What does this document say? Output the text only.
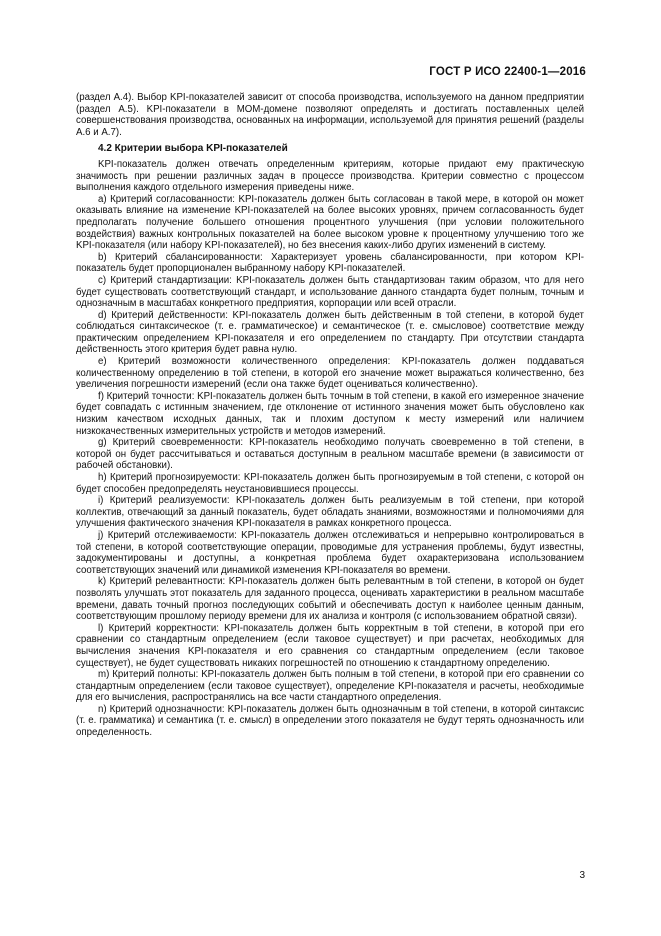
ГОСТ Р ИСО 22400-1—2016

(раздел А.4). Выбор KPI-показателей зависит от способа производства, используемого на данном предприятии (раздел А.5). KPI-показатели в MOM-домене позволяют определять и достигать поставленных целей совершенствования производства, основанных на информации, используемой для принятия решений (разделы А.6 и А.7).

4.2 Критерии выбора KPI-показателей

KPI-показатель должен отвечать определенным критериям, которые придают ему практическую значимость при решении различных задач в процессе производства. Критерии совместно с процессом выполнения каждого отдельного измерения приведены ниже.

a) Критерий согласованности: KPI-показатель должен быть согласован в такой мере, в которой он может оказывать влияние на изменение KPI-показателей на более высоких уровнях, причем согласованность будет предполагать получение большего отношения процентного улучшения (при условии положительного воздействия) важных контрольных показателей на более высоком уровне к процентному улучшению того же KPI-показателя (или набору KPI-показателей), но без внесения каких-либо других изменений в систему.

b) Критерий сбалансированности: Характеризует уровень сбалансированности, при котором KPI-показатель будет пропорционален выбранному набору KPI-показателей.

c) Критерий стандартизации: KPI-показатель должен быть стандартизован таким образом, что для него будет существовать соответствующий стандарт, и использование данного стандарта будет полным, точным и однозначным в масштабах конкретного предприятия, корпорации или всей отрасли.

d) Критерий действенности: KPI-показатель должен быть действенным в той степени, в которой будет соблюдаться синтаксическое (т. е. грамматическое) и семантическое (т. е. смысловое) соответствие между практическим определением KPI-показателя и его определением по стандарту. При отсутствии стандарта действенность этого критерия будет равна нулю.

e) Критерий возможности количественного определения: KPI-показатель должен поддаваться количественному определению в той степени, в которой его значение может выражаться количественно, без увеличения погрешности измерений (если она также будет оцениваться количественно).

f) Критерий точности: KPI-показатель должен быть точным в той степени, в какой его измеренное значение будет совпадать с истинным значением, где отклонение от истинного значения может быть обусловлено как низким качеством исходных данных, так и плохим доступом к месту измерений или наличием низкокачественных измерительных устройств и методов измерений.

g) Критерий своевременности: KPI-показатель необходимо получать своевременно в той степени, в которой он будет рассчитываться и оставаться доступным в реальном масштабе времени (в зависимости от рабочей обстановки).

h) Критерий прогнозируемости: KPI-показатель должен быть прогнозируемым в той степени, с которой он будет способен предопределять неустановившиеся процессы.

i) Критерий реализуемости: KPI-показатель должен быть реализуемым в той степени, при которой коллектив, отвечающий за данный показатель, будет обладать знаниями, возможностями и полномочиями для улучшения фактического значения KPI-показателя в рамках конкретного процесса.

j) Критерий отслеживаемости: KPI-показатель должен отслеживаться и непрерывно контролироваться в той степени, в которой соответствующие операции, проводимые для устранения проблемы, будут известны, задокументированы и доступны, а конкретная проблема будет охарактеризована использованием соответствующих значений или динамикой изменения KPI-показателя во времени.

k) Критерий релевантности: KPI-показатель должен быть релевантным в той степени, в которой он будет позволять улучшать этот показатель для заданного процесса, оценивать характеристики в реальном масштабе времени, давать точный прогноз последующих событий и обеспечивать доступ к наиболее ценным данным, соответствующим прошлому периоду времени для их анализа и контроля (с использованием обратной связи).

l) Критерий корректности: KPI-показатель должен быть корректным в той степени, в которой при его сравнении со стандартным определением (если таковое существует) и при расчетах, необходимых для вычисления значения KPI-показателя и его сравнения со стандартным определением (если таковое существует), не будет существовать никаких погрешностей по отношению к стандартному определению.

m) Критерий полноты: KPI-показатель должен быть полным в той степени, в которой при его сравнении со стандартным определением (если таковое существует), определение KPI-показателя и расчеты, необходимые для его вычисления, распространялись на все части стандартного определения.

n) Критерий однозначности: KPI-показатель должен быть однозначным в той степени, в которой синтаксис (т. е. грамматика) и семантика (т. е. смысл) в определении этого показателя не будут терять однозначность или определенность.

3
